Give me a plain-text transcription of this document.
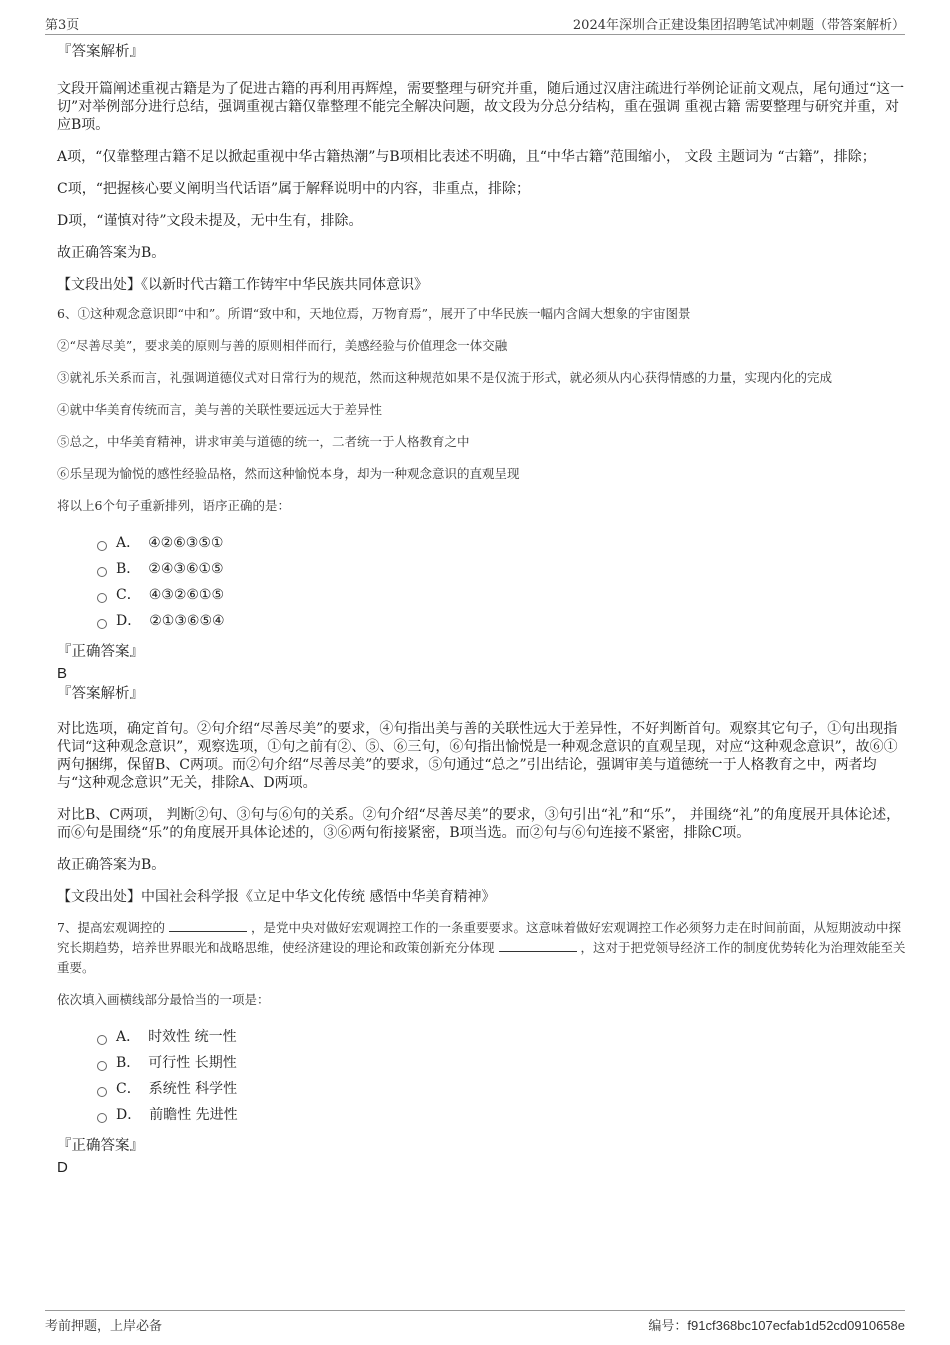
第3页	2024年深圳合正建设集团招聘笔试冲刺题（带答案解析）
『答案解析』
文段开篇阐述重视古籍是为了促进古籍的再利用再辉煌，需要整理与研究并重，随后通过汉唐注疏进行举例论证前文观点，尾句通过“这一切”对举例部分进行总结，强调重视古籍仅靠整理不能完全解决问题，故文段为分总分结构，重在强调 重视古籍 需要整理与研究并重，对应B项。
A项，“仅靠整理古籍不足以掀起重视中华古籍热潮”与B项相比表述不明确，且“中华古籍”范围缩小， 文段 主题词为 “古籍”，排除；
C项，“把握核心要义阐明当代话语”属于解释说明中的内容，非重点，排除；
D项，“谨慎对待”文段未提及，无中生有，排除。
故正确答案为B。
【文段出处】《以新时代古籍工作铸牢中华民族共同体意识》
6、①这种观念意识即“中和”。所谓“致中和，天地位焉，万物育焉”，展开了中华民族一幅内含阔大想象的宇宙图景
②“尽善尽美”，要求美的原则与善的原则相伴而行，美感经验与价值理念一体交融
③就礼乐关系而言，礼强调道德仪式对日常行为的规范，然而这种规范如果不是仅流于形式，就必须从内心获得情感的力量，实现内化的完成
④就中华美育传统而言，美与善的关联性要远远大于差异性
⑤总之，中华美育精神，讲求审美与道德的统一，二者统一于人格教育之中
⑥乐呈现为愉悦的感性经验品格，然而这种愉悦本身，却为一种观念意识的直观呈现
将以上6个句子重新排列，语序正确的是：
A． ④②⑥③⑤①
B． ②④③⑥①⑤
C． ④③②⑥①⑤
D． ②①③⑥⑤④
『正确答案』
B
『答案解析』
对比选项，确定首句。②句介绍“尽善尽美”的要求，④句指出美与善的关联性远大于差异性，不好判断首句。观察其它句子，①句出现指代词“这种观念意识”，观察选项，①句之前有②、⑤、⑥三句，⑥句指出愉悦是一种观念意识的直观呈现，对应“这种观念意识”，故⑥①两句捆绑，保留B、C两项。而②句介绍“尽善尽美”的要求，⑤句通过“总之”引出结论，强调审美与道德统一于人格教育之中，两者均与“这种观念意识”无关，排除A、D两项。
对比B、C两项， 判断②句、③句与⑥句的关系。②句介绍“尽善尽美”的要求，③句引出“礼”和“乐”， 并围绕“礼”的角度展开具体论述，而⑥句是围绕“乐”的角度展开具体论述的，③⑥两句衔接紧密，B项当选。而②句与⑥句连接不紧密，排除C项。
故正确答案为B。
【文段出处】中国社会科学报《立足中华文化传统 感悟中华美育精神》
7、提高宏观调控的	，是党中央对做好宏观调控工作的一条重要要求。这意味着做好宏观调控工作必须努力走在时间前面，从短期波动中探究长期趋势，培养世界眼光和战略思维，使经济建设的理论和政策创新充分体现	，这对于把党领导经济工作的制度优势转化为治理效能至关重要。
依次填入画横线部分最恰当的一项是：
A． 时效性 统一性
B． 可行性 长期性
C． 系统性 科学性
D． 前瞻性 先进性
『正确答案』
D
考前押题，上岸必备	编号：f91cf368bc107ecfab1d52cd0910658e
